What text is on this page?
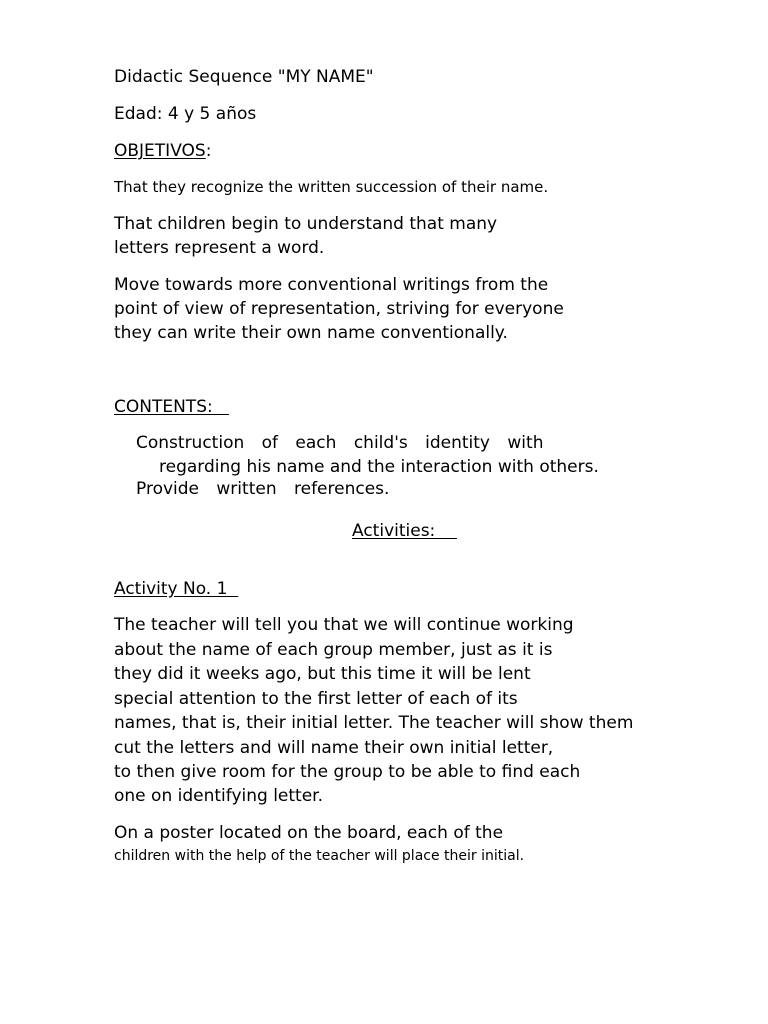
Didactic Sequence "MY NAME"
Edad: 4 y 5 años
OBJETIVOS:
That they recognize the written succession of their name.
That children begin to understand that many
letters represent a word.
Move towards more conventional writings from the
point of view of representation, striving for everyone
they can write their own name conventionally.
CONTENTS:
Construction of each child's identity with
regarding his name and the interaction with others.
Provide written references.
Activities:
Activity No. 1
The teacher will tell you that we will continue working
about the name of each group member, just as it is
they did it weeks ago, but this time it will be lent
special attention to the first letter of each of its
names, that is, their initial letter. The teacher will show them
cut the letters and will name their own initial letter,
to then give room for the group to be able to find each
one on identifying letter.
On a poster located on the board, each of the
children with the help of the teacher will place their initial.
